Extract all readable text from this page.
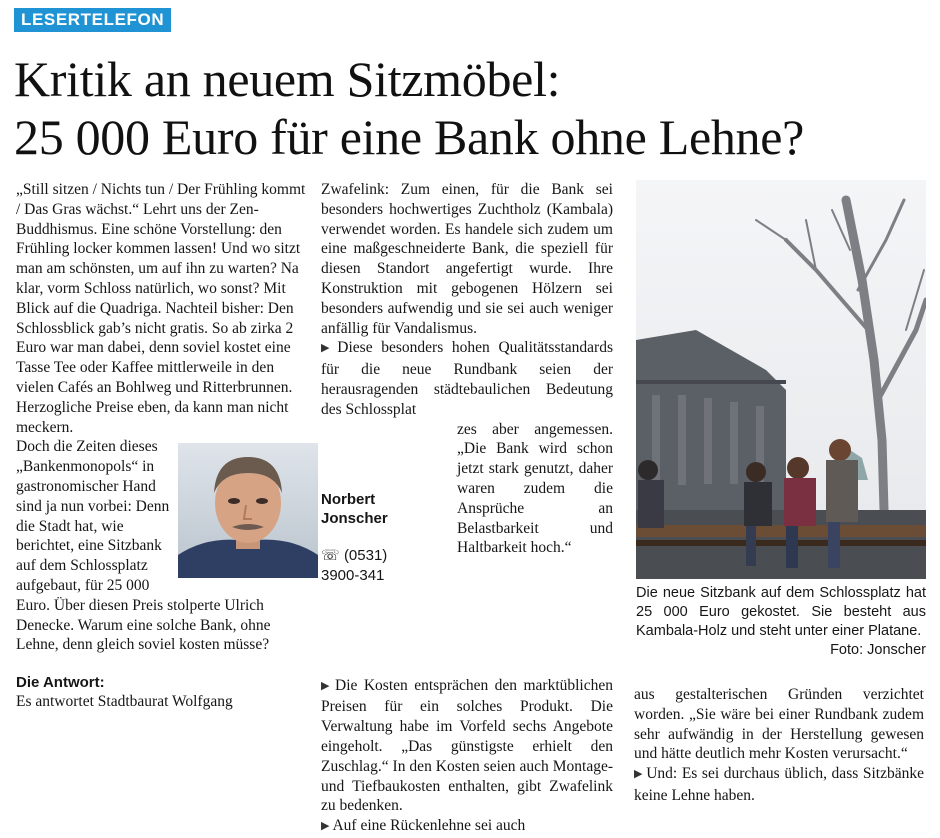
LESERTELEFON
Kritik an neuem Sitzmöbel:
25 000 Euro für eine Bank ohne Lehne?

„Still sitzen / Nichts tun / Der Frühling kommt / Das Gras wächst.“ Lehrt uns der Zen-Buddhismus. Eine schöne Vorstellung: den Frühling locker kommen lassen! Und wo sitzt man am schönsten, um auf ihn zu warten? Na klar, vorm Schloss natürlich, wo sonst? Mit Blick auf die Quadriga. Nachteil bisher: Den Schlossblick gab’s nicht gratis. So ab zirka 2 Euro war man dabei, denn soviel kostet eine Tasse Tee oder Kaffee mittlerweile in den vielen Cafés an Bohlweg und Ritterbrunnen. Herzogliche Preise eben, da kann man nicht meckern.

Doch die Zeiten dieses „Bankenmonopols“ in gastronomischer Hand sind ja nun vorbei: Denn die Stadt hat, wie berichtet, eine Sitzbank auf dem Schlossplatz aufgebaut, für 25 000 Euro. Über diesen Preis stolperte Ulrich Denecke. Warum eine solche Bank, ohne Lehne, denn gleich soviel kosten müsse?

Die Antwort:

Es antwortet Stadtbaurat Wolfgang

Zwafelink: Zum einen, für die Bank sei besonders hochwertiges Zuchtholz (Kambala) verwendet worden. Es handele sich zudem um eine maßgeschneiderte Bank, die speziell für diesen Standort angefertigt wurde. Ihre Konstruktion mit gebogenen Hölzern sei besonders aufwendig und sie sei auch weniger anfällig für Vandalismus.

▶ Diese besonders hohen Qualitätsstandards für die neue Rundbank seien der herausragenden städtebaulichen Bedeutung des Schlossplat

Norbert
Jonscher
☏ (0531)
3900-341

zes aber angemessen. „Die Bank wird schon jetzt stark genutzt, daher waren zudem die Ansprüche an Belastbarkeit und Haltbarkeit hoch.“

▶ Die Kosten entsprächen den marktüblichen Preisen für ein solches Produkt. Die Verwaltung habe im Vorfeld sechs Angebote eingeholt. „Das günstigste erhielt den Zuschlag.“ In den Kosten seien auch Montage- und Tiefbaukosten enthalten, gibt Zwafelink zu bedenken.

▶ Auf eine Rückenlehne sei auch

Die neue Sitzbank auf dem Schlossplatz hat 25 000 Euro gekostet. Sie besteht aus Kambala-Holz und steht unter einer Platane.
Foto: Jonscher

aus gestalterischen Gründen verzichtet worden. „Sie wäre bei einer Rundbank zudem sehr aufwändig in der Herstellung gewesen und hätte deutlich mehr Kosten verursacht.“

▶ Und: Es sei durchaus üblich, dass Sitzbänke keine Lehne haben.
